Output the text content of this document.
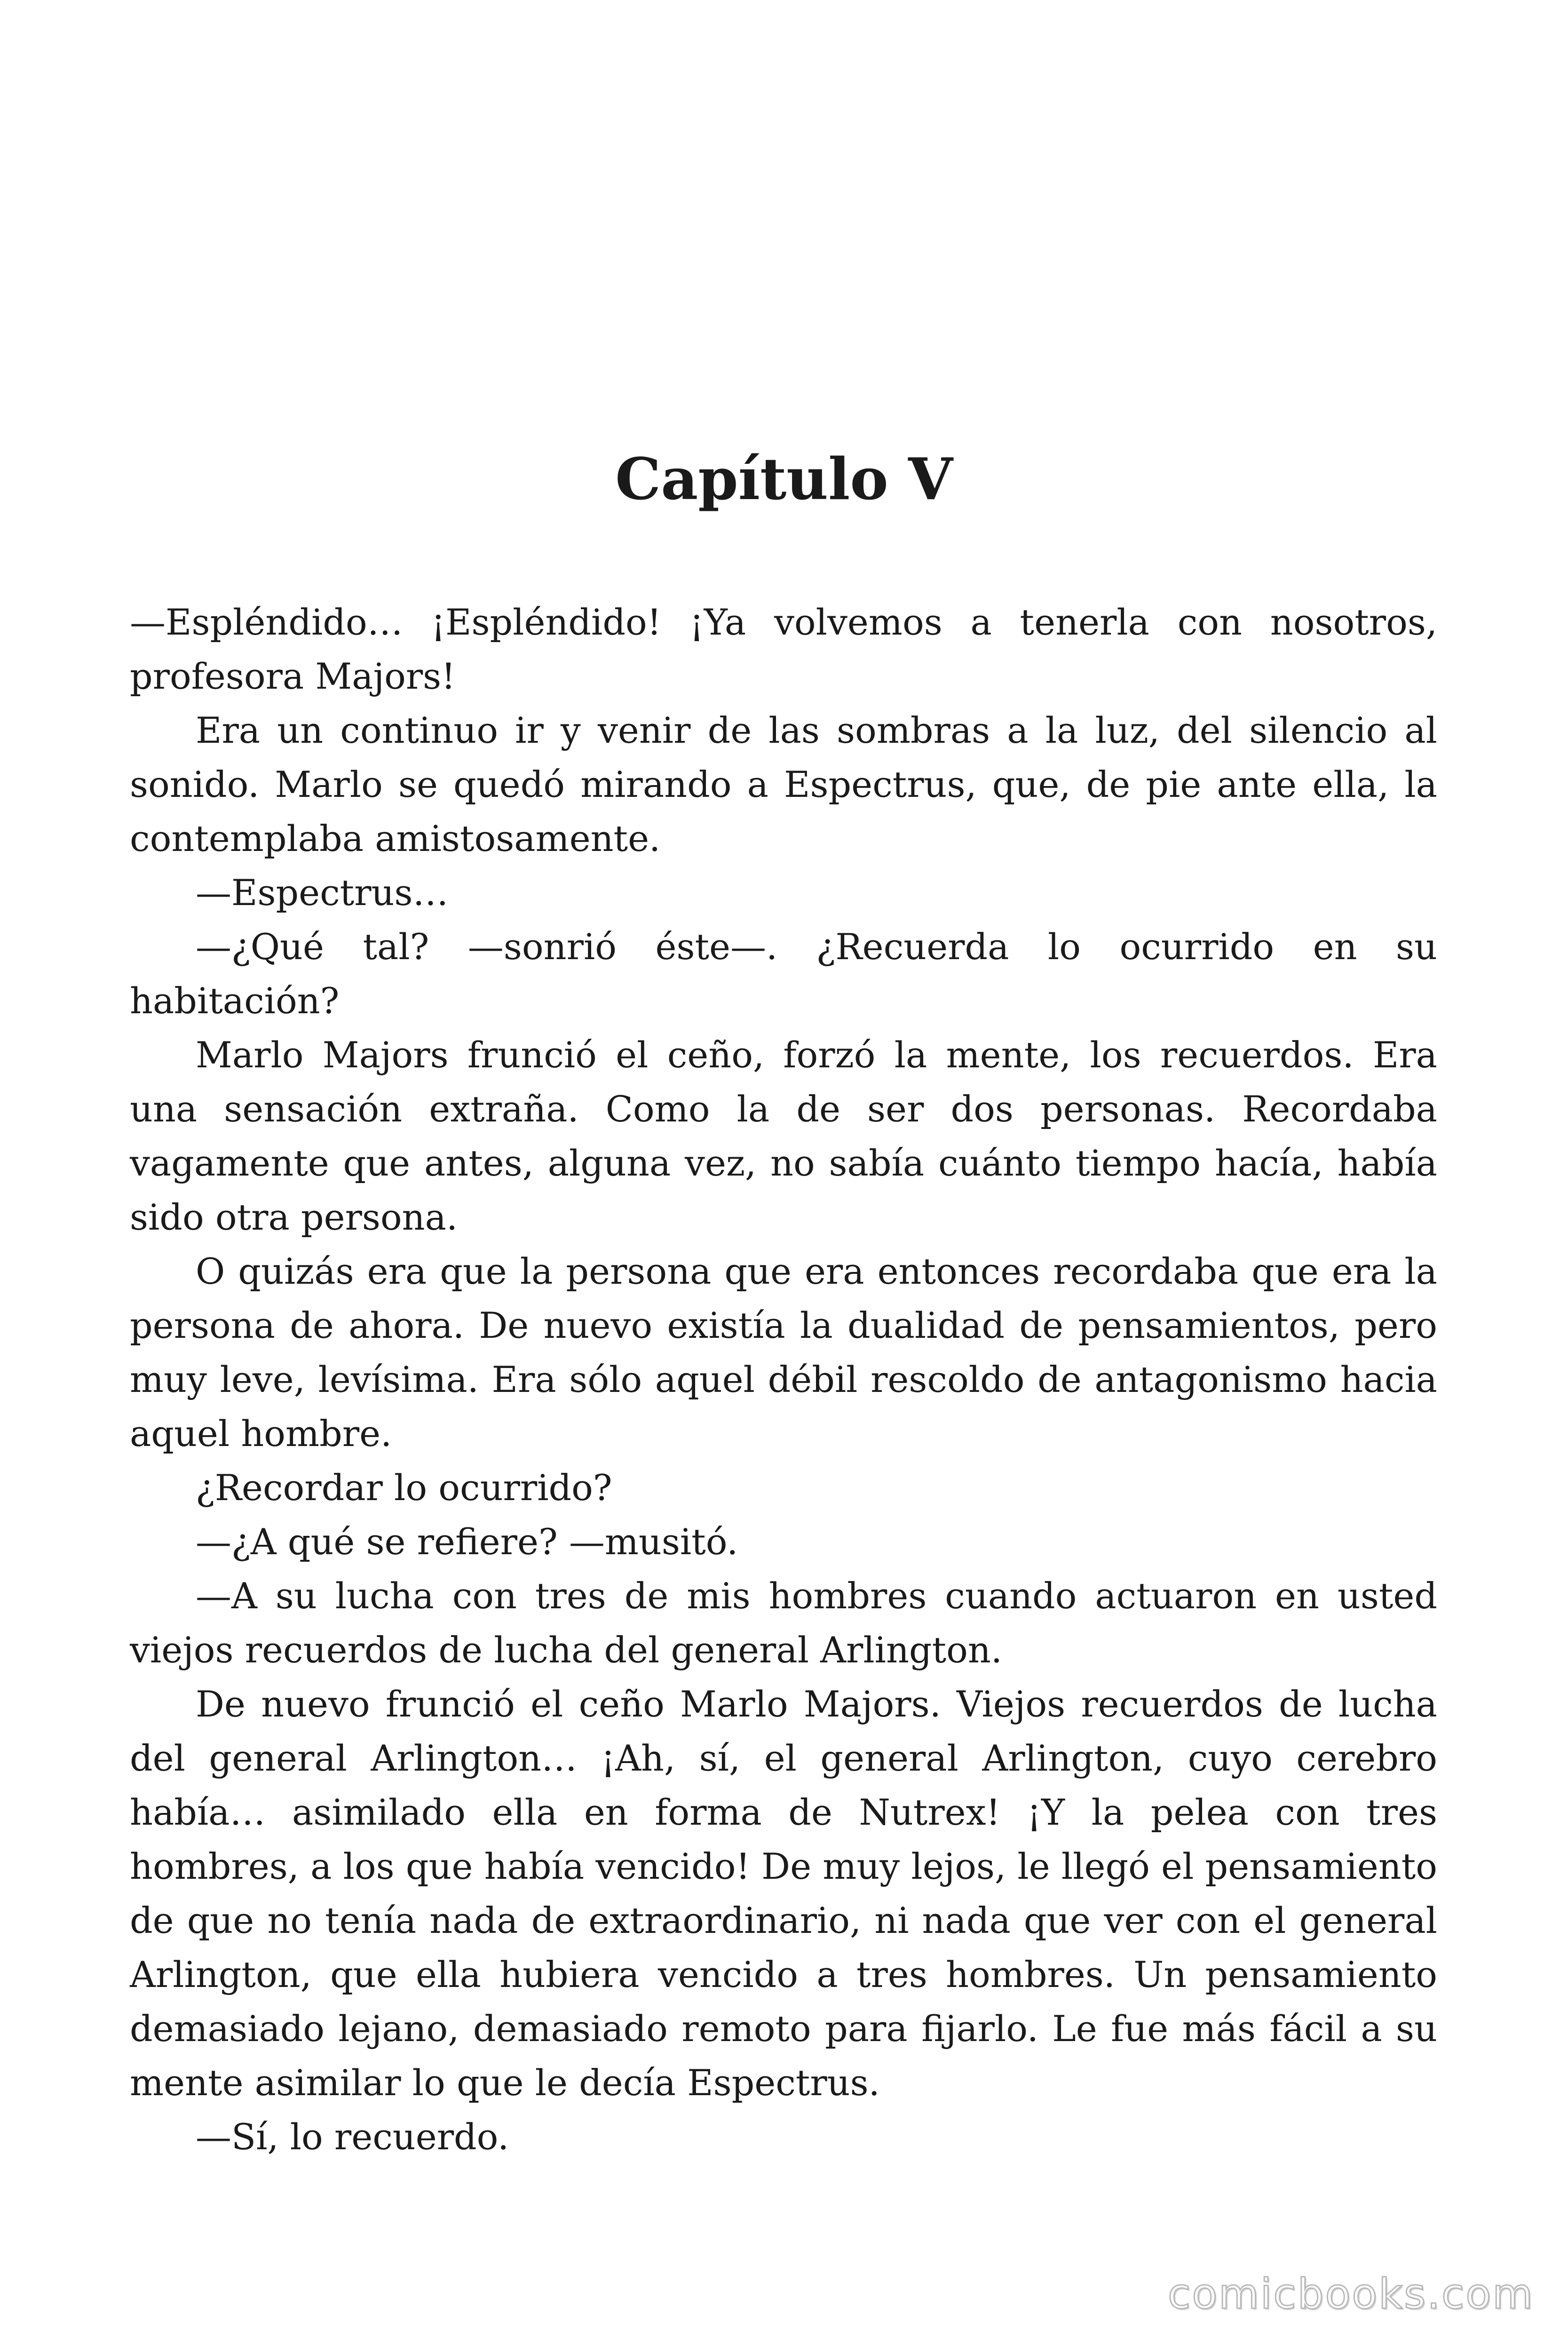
Capítulo V

—Espléndido… ¡Espléndido! ¡Ya volvemos a tenerla con nosotros, profesora Majors!

Era un continuo ir y venir de las sombras a la luz, del silencio al sonido. Marlo se quedó mirando a Espectrus, que, de pie ante ella, la contemplaba amistosamente.

—Espectrus…

—¿Qué tal? —sonrió éste—. ¿Recuerda lo ocurrido en su habitación?

Marlo Majors frunció el ceño, forzó la mente, los recuerdos. Era una sensación extraña. Como la de ser dos personas. Recordaba vagamente que antes, alguna vez, no sabía cuánto tiempo hacía, había sido otra persona.

O quizás era que la persona que era entonces recordaba que era la persona de ahora. De nuevo existía la dualidad de pensamientos, pero muy leve, levísima. Era sólo aquel débil rescoldo de antagonismo hacia aquel hombre.

¿Recordar lo ocurrido?

—¿A qué se refiere? —musitó.

—A su lucha con tres de mis hombres cuando actuaron en usted viejos recuerdos de lucha del general Arlington.

De nuevo frunció el ceño Marlo Majors. Viejos recuerdos de lucha del general Arlington… ¡Ah, sí, el general Arlington, cuyo cerebro había… asimilado ella en forma de Nutrex! ¡Y la pelea con tres hombres, a los que había vencido! De muy lejos, le llegó el pensamiento de que no tenía nada de extraordinario, ni nada que ver con el general Arlington, que ella hubiera vencido a tres hombres. Un pensamiento demasiado lejano, demasiado remoto para fijarlo. Le fue más fácil a su mente asimilar lo que le decía Espectrus.

—Sí, lo recuerdo.

comicbooks.com
